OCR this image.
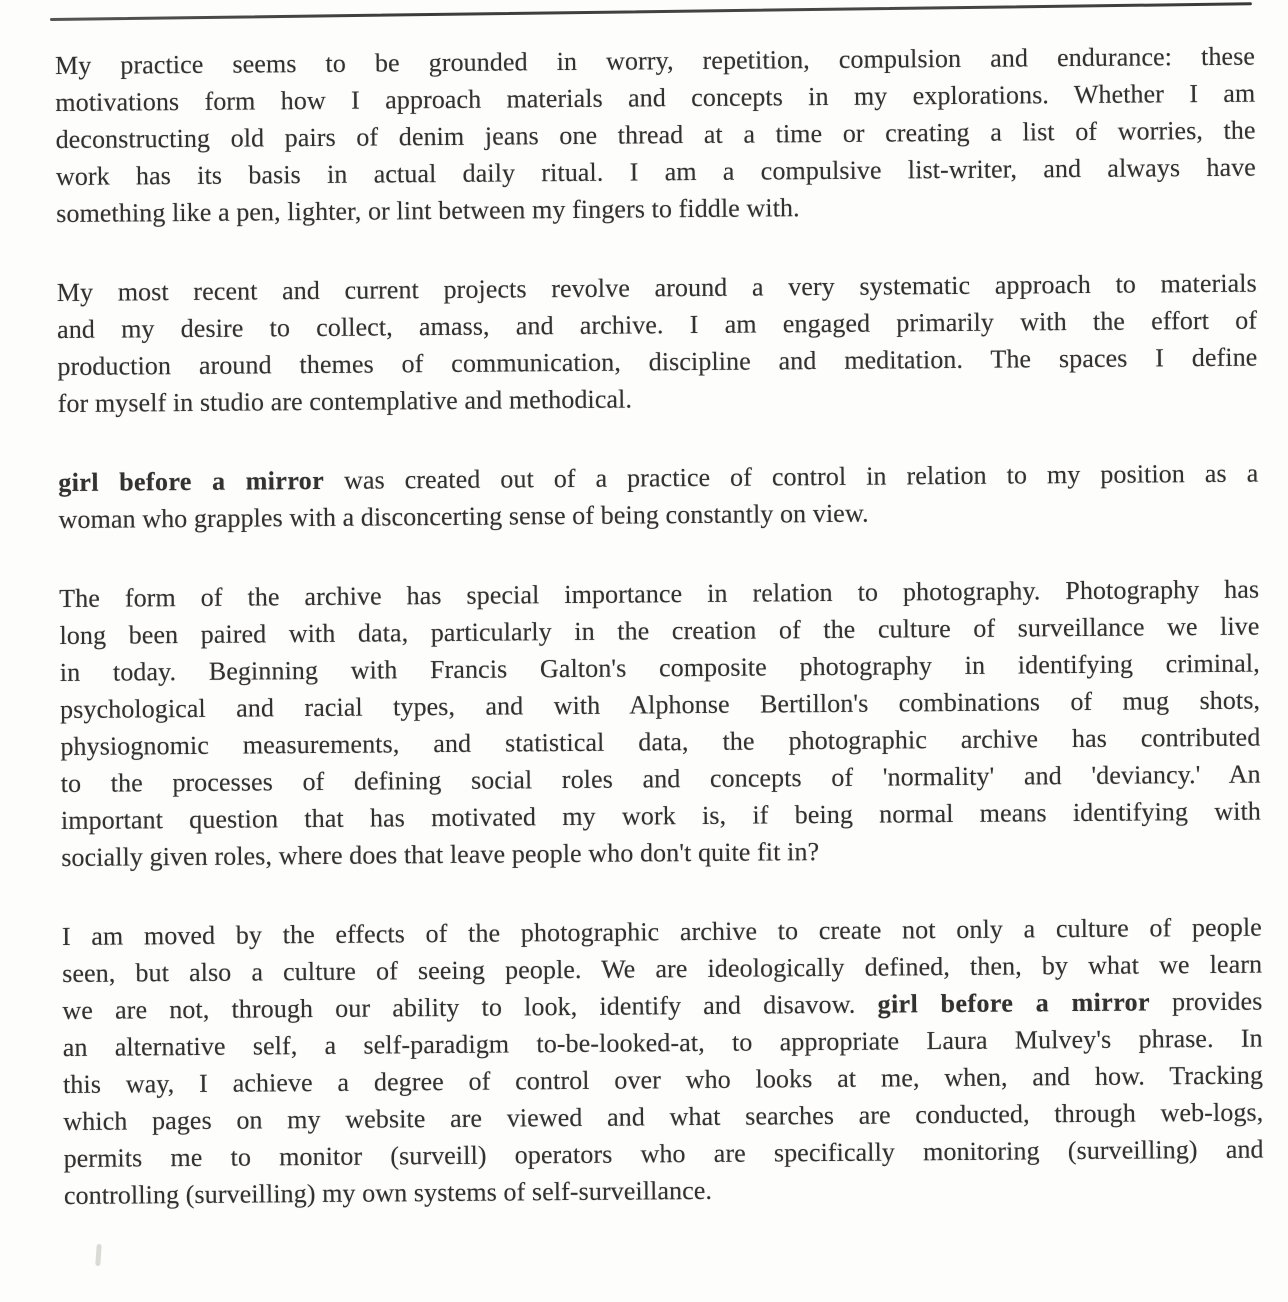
My practice seems to be grounded in worry, repetition, compulsion and endurance: these
motivations form how I approach materials and concepts in my explorations. Whether I am
deconstructing old pairs of denim jeans one thread at a time or creating a list of worries, the
work has its basis in actual daily ritual. I am a compulsive list-writer, and always have
something like a pen, lighter, or lint between my fingers to fiddle with.
My most recent and current projects revolve around a very systematic approach to materials
and my desire to collect, amass, and archive. I am engaged primarily with the effort of
production around themes of communication, discipline and meditation. The spaces I define
for myself in studio are contemplative and methodical.
girl before a mirror was created out of a practice of control in relation to my position as a
woman who grapples with a disconcerting sense of being constantly on view.
The form of the archive has special importance in relation to photography. Photography has
long been paired with data, particularly in the creation of the culture of surveillance we live
in today. Beginning with Francis Galton's composite photography in identifying criminal,
psychological and racial types, and with Alphonse Bertillon's combinations of mug shots,
physiognomic measurements, and statistical data, the photographic archive has contributed
to the processes of defining social roles and concepts of 'normality' and 'deviancy.' An
important question that has motivated my work is, if being normal means identifying with
socially given roles, where does that leave people who don't quite fit in?
I am moved by the effects of the photographic archive to create not only a culture of people
seen, but also a culture of seeing people. We are ideologically defined, then, by what we learn
we are not, through our ability to look, identify and disavow. girl before a mirror provides
an alternative self, a self-paradigm to-be-looked-at, to appropriate Laura Mulvey's phrase. In
this way, I achieve a degree of control over who looks at me, when, and how. Tracking
which pages on my website are viewed and what searches are conducted, through web-logs,
permits me to monitor (surveill) operators who are specifically monitoring (surveilling) and
controlling (surveilling) my own systems of self-surveillance.
